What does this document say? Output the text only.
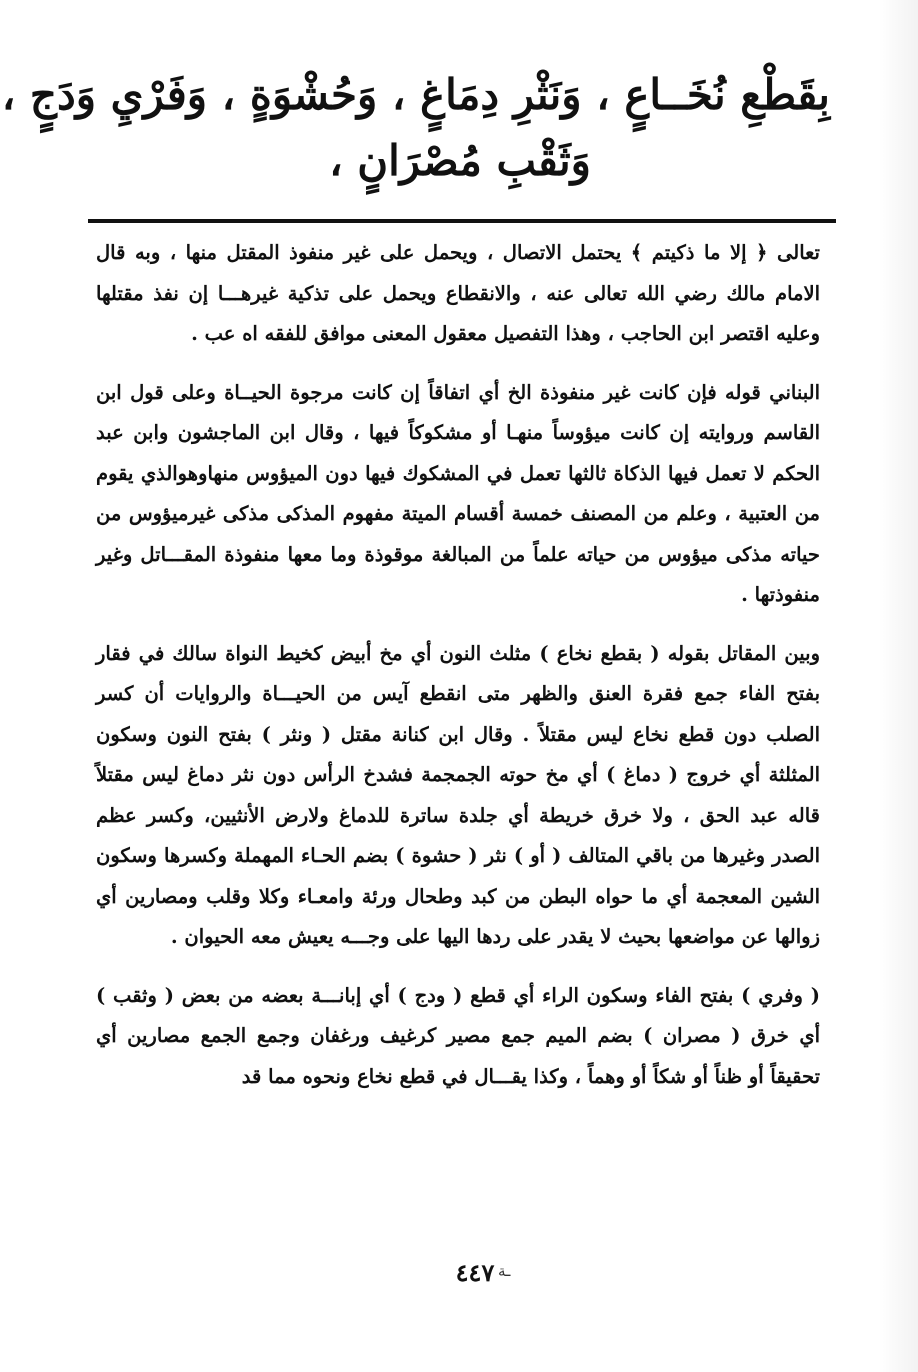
بِقَطْعِ نُخَــاعٍ ، وَنَثْرِ دِمَاغٍ ، وَحُشْوَةٍ ، وَفَرْيِ وَدَجٍ ،
وَثَقْبِ مُصْرَانٍ ،

تعالى ﴿ إلا ما ذكيتم ﴾ يحتمل الاتصال ، ويحمل على غير منفوذ المقتل منها ، وبه قال الامام مالك رضي الله تعالى عنه ، والانقطاع ويحمل على تذكية غيرهـــا إن نفذ مقتلها وعليه اقتصر ابن الحاجب ، وهذا التفصيل معقول المعنى موافق للفقه اه عب .

البناني قوله فإن كانت غير منفوذة الخ أي اتفاقاً إن كانت مرجوة الحيــاة وعلى قول ابن القاسم وروايته إن كانت ميؤوساً منهـا أو مشكوكاً فيها ، وقال ابن الماجشون وابن عبد الحكم لا تعمل فيها الذكاة ثالثها تعمل في المشكوك فيها دون الميؤوس منهاوهوالذي يقوم من العتبية ، وعلم من المصنف خمسة أقسام الميتة مفهوم المذكى مذكى غيرميؤوس من حياته مذكى ميؤوس من حياته علماً من المبالغة موقوذة وما معها منفوذة المقـــاتل وغير منفوذتها .

وبين المقاتل بقوله ( بقطع نخاع ) مثلث النون أي مخ أبيض كخيط النواة سالك في فقار بفتح الفاء جمع فقرة العنق والظهر متى انقطع آيس من الحيـــاة والروايات أن كسر الصلب دون قطع نخاع ليس مقتلاً . وقال ابن كنانة مقتل ( ونثر ) بفتح النون وسكون المثلثة أي خروج ( دماغ ) أي مخ حوته الجمجمة فشدخ الرأس دون نثر دماغ ليس مقتلاً قاله عبد الحق ، ولا خرق خريطة أي جلدة ساترة للدماغ ولارض الأنثيين، وكسر عظم الصدر وغيرها من باقي المتالف ( أو ) نثر ( حشوة ) بضم الحـاء المهملة وكسرها وسكون الشين المعجمة أي ما حواه البطن من كبد وطحال ورئة وامعـاء وكلا وقلب ومصارين أي زوالها عن مواضعها بحيث لا يقدر على ردها اليها على وجـــه يعيش معه الحيوان .

( وفري ) بفتح الفاء وسكون الراء أي قطع ( ودج ) أي إبانـــة بعضه من بعض ( وثقب ) أي خرق ( مصران ) بضم الميم جمع مصير كرغيف ورغفان وجمع الجمع مصارين أي تحقيقاً أو ظناً أو شكاً أو وهماً ، وكذا يقـــال في قطع نخاع ونحوه مما قد

٤٤٧ ـة
